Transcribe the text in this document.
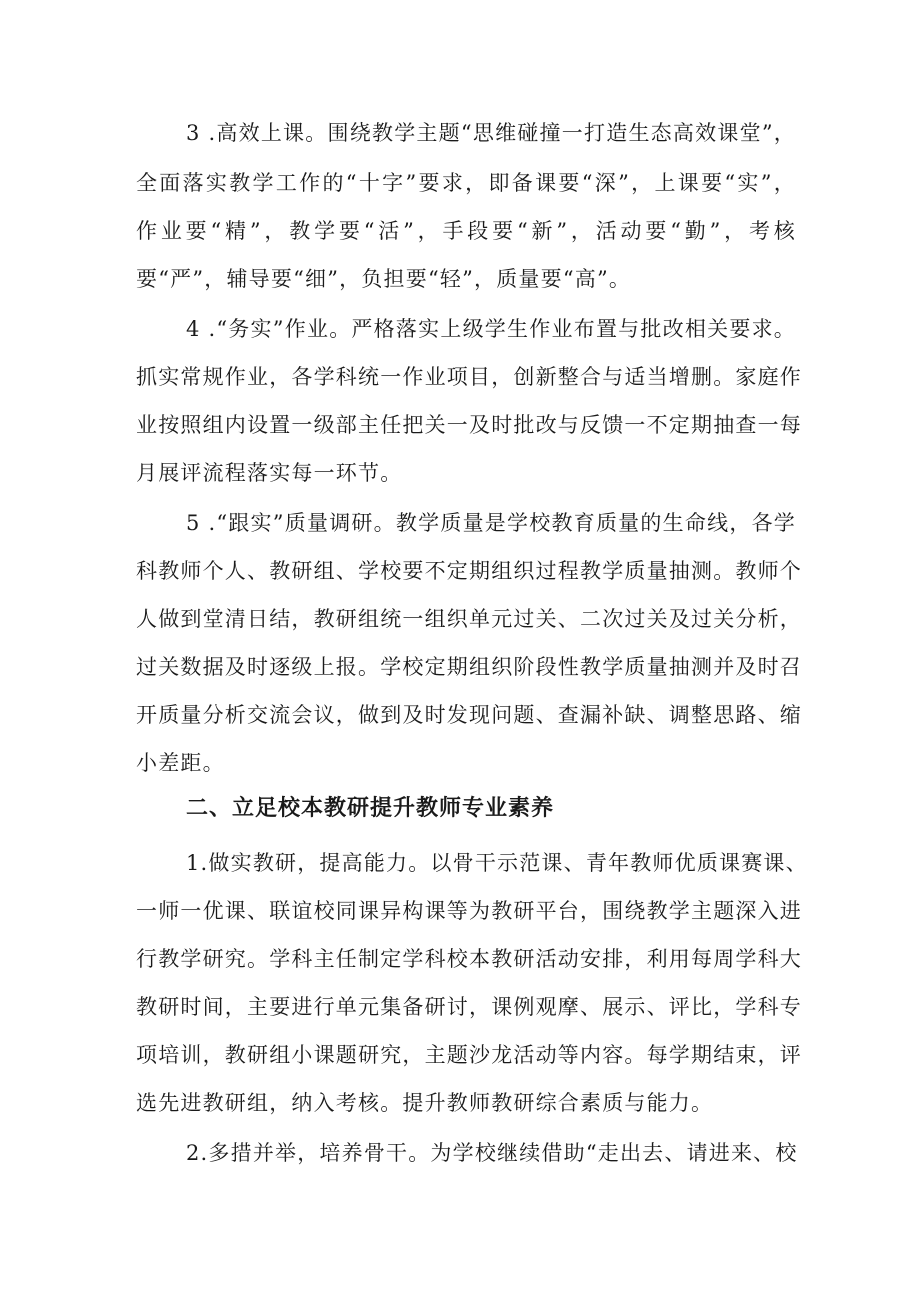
3 .高效上课。围绕教学主题“思维碰撞一打造生态高效课堂”，
全面落实教学工作的“十字”要求，即备课要“深”，上课要“实”，
作业要“精”，教学要“活”，手段要“新”，活动要“勤”，考核
要“严”，辅导要“细”，负担要“轻”，质量要“高”。
4 .“务实”作业。严格落实上级学生作业布置与批改相关要求。
抓实常规作业，各学科统一作业项目，创新整合与适当增删。家庭作
业按照组内设置一级部主任把关一及时批改与反馈一不定期抽查一每
月展评流程落实每一环节。
5 .“跟实”质量调研。教学质量是学校教育质量的生命线，各学
科教师个人、教研组、学校要不定期组织过程教学质量抽测。教师个
人做到堂清日结，教研组统一组织单元过关、二次过关及过关分析，
过关数据及时逐级上报。学校定期组织阶段性教学质量抽测并及时召
开质量分析交流会议，做到及时发现问题、查漏补缺、调整思路、缩
小差距。
二、立足校本教研提升教师专业素养
1.做实教研，提高能力。以骨干示范课、青年教师优质课赛课、
一师一优课、联谊校同课异构课等为教研平台，围绕教学主题深入进
行教学研究。学科主任制定学科校本教研活动安排，利用每周学科大
教研时间，主要进行单元集备研讨，课例观摩、展示、评比，学科专
项培训，教研组小课题研究，主题沙龙活动等内容。每学期结束，评
选先进教研组，纳入考核。提升教师教研综合素质与能力。
2.多措并举，培养骨干。为学校继续借助“走出去、请进来、校
